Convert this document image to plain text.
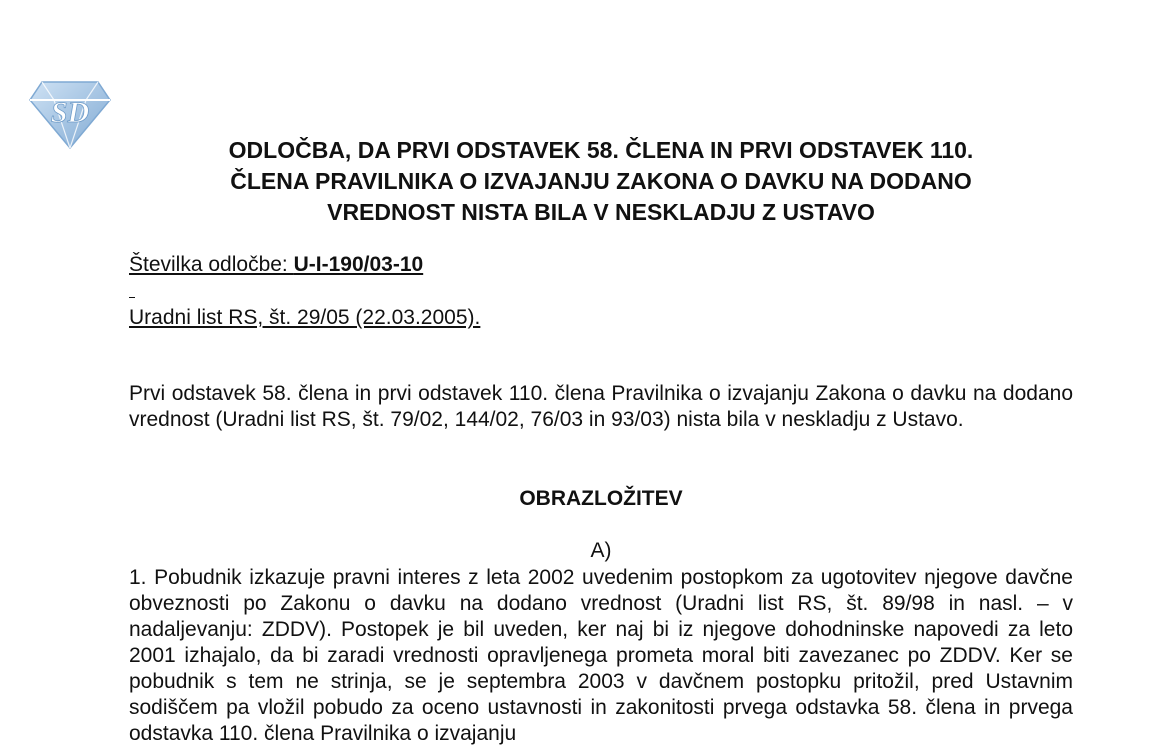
SD
ODLOČBA, DA PRVI ODSTAVEK 58. ČLENA IN PRVI ODSTAVEK 110.
ČLENA PRAVILNIKA O IZVAJANJU ZAKONA O DAVKU NA DODANO
VREDNOST NISTA BILA V NESKLADJU Z USTAVO

Številka odločbe: U-I-190/03-10

Uradni list RS, št. 29/05 (22.03.2005).

Prvi odstavek 58. člena in prvi odstavek 110. člena Pravilnika o izvajanju Zakona o davku na dodano vrednost (Uradni list RS, št. 79/02, 144/02, 76/03 in 93/03) nista bila v neskladju z Ustavo.

OBRAZLOŽITEV

A)

1. Pobudnik izkazuje pravni interes z leta 2002 uvedenim postopkom za ugotovitev njegove davčne obveznosti po Zakonu o davku na dodano vrednost (Uradni list RS, št. 89/98 in nasl. – v nadaljevanju: ZDDV). Postopek je bil uveden, ker naj bi iz njegove dohodninske napovedi za leto 2001 izhajalo, da bi zaradi vrednosti opravljenega prometa moral biti zavezanec po ZDDV. Ker se pobudnik s tem ne strinja, se je septembra 2003 v davčnem postopku pritožil, pred Ustavnim sodiščem pa vložil pobudo za oceno ustavnosti in zakonitosti prvega odstavka 58. člena in prvega odstavka 110. člena Pravilnika o izvajanju
